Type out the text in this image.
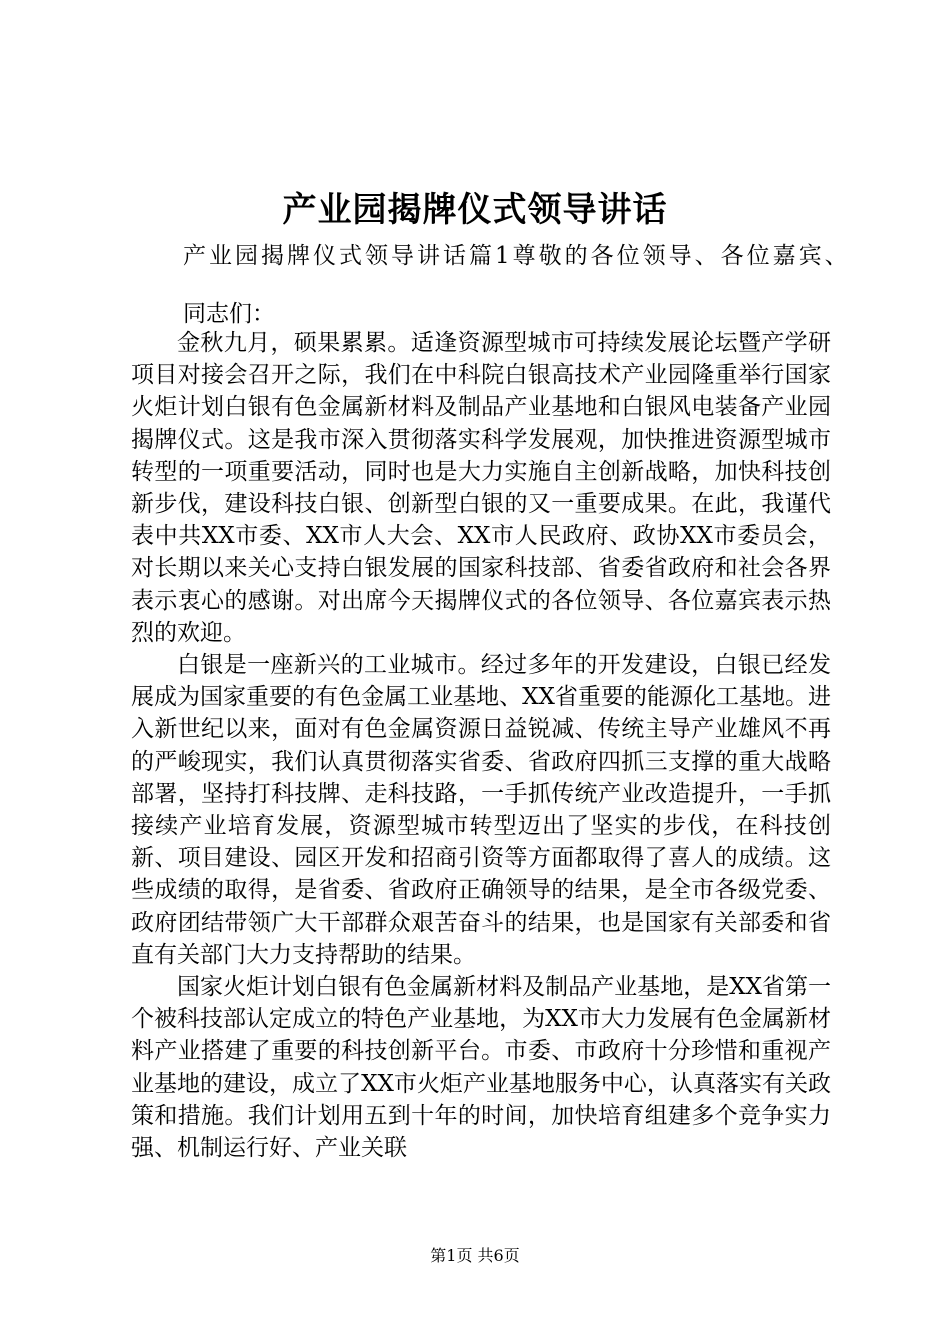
产业园揭牌仪式领导讲话
产业园揭牌仪式领导讲话篇1尊敬的各位领导、各位嘉宾、
同志们：

金秋九月，硕果累累。适逢资源型城市可持续发展论坛暨产学研项目对接会召开之际，我们在中科院白银高技术产业园隆重举行国家火炬计划白银有色金属新材料及制品产业基地和白银风电装备产业园揭牌仪式。这是我市深入贯彻落实科学发展观，加快推进资源型城市转型的一项重要活动，同时也是大力实施自主创新战略，加快科技创新步伐，建设科技白银、创新型白银的又一重要成果。在此，我谨代表中共XX市委、XX市人大会、XX市人民政府、政协XX市委员会，对长期以来关心支持白银发展的国家科技部、省委省政府和社会各界表示衷心的感谢。对出席今天揭牌仪式的各位领导、各位嘉宾表示热烈的欢迎。

白银是一座新兴的工业城市。经过多年的开发建设，白银已经发展成为国家重要的有色金属工业基地、XX省重要的能源化工基地。进入新世纪以来，面对有色金属资源日益锐减、传统主导产业雄风不再的严峻现实，我们认真贯彻落实省委、省政府四抓三支撑的重大战略部署，坚持打科技牌、走科技路，一手抓传统产业改造提升，一手抓接续产业培育发展，资源型城市转型迈出了坚实的步伐，在科技创新、项目建设、园区开发和招商引资等方面都取得了喜人的成绩。这些成绩的取得，是省委、省政府正确领导的结果，是全市各级党委、政府团结带领广大干部群众艰苦奋斗的结果，也是国家有关部委和省直有关部门大力支持帮助的结果。

国家火炬计划白银有色金属新材料及制品产业基地，是XX省第一个被科技部认定成立的特色产业基地，为XX市大力发展有色金属新材料产业搭建了重要的科技创新平台。市委、市政府十分珍惜和重视产业基地的建设，成立了XX市火炬产业基地服务中心，认真落实有关政策和措施。我们计划用五到十年的时间，加快培育组建多个竞争实力强、机制运行好、产业关联

第1页 共6页
